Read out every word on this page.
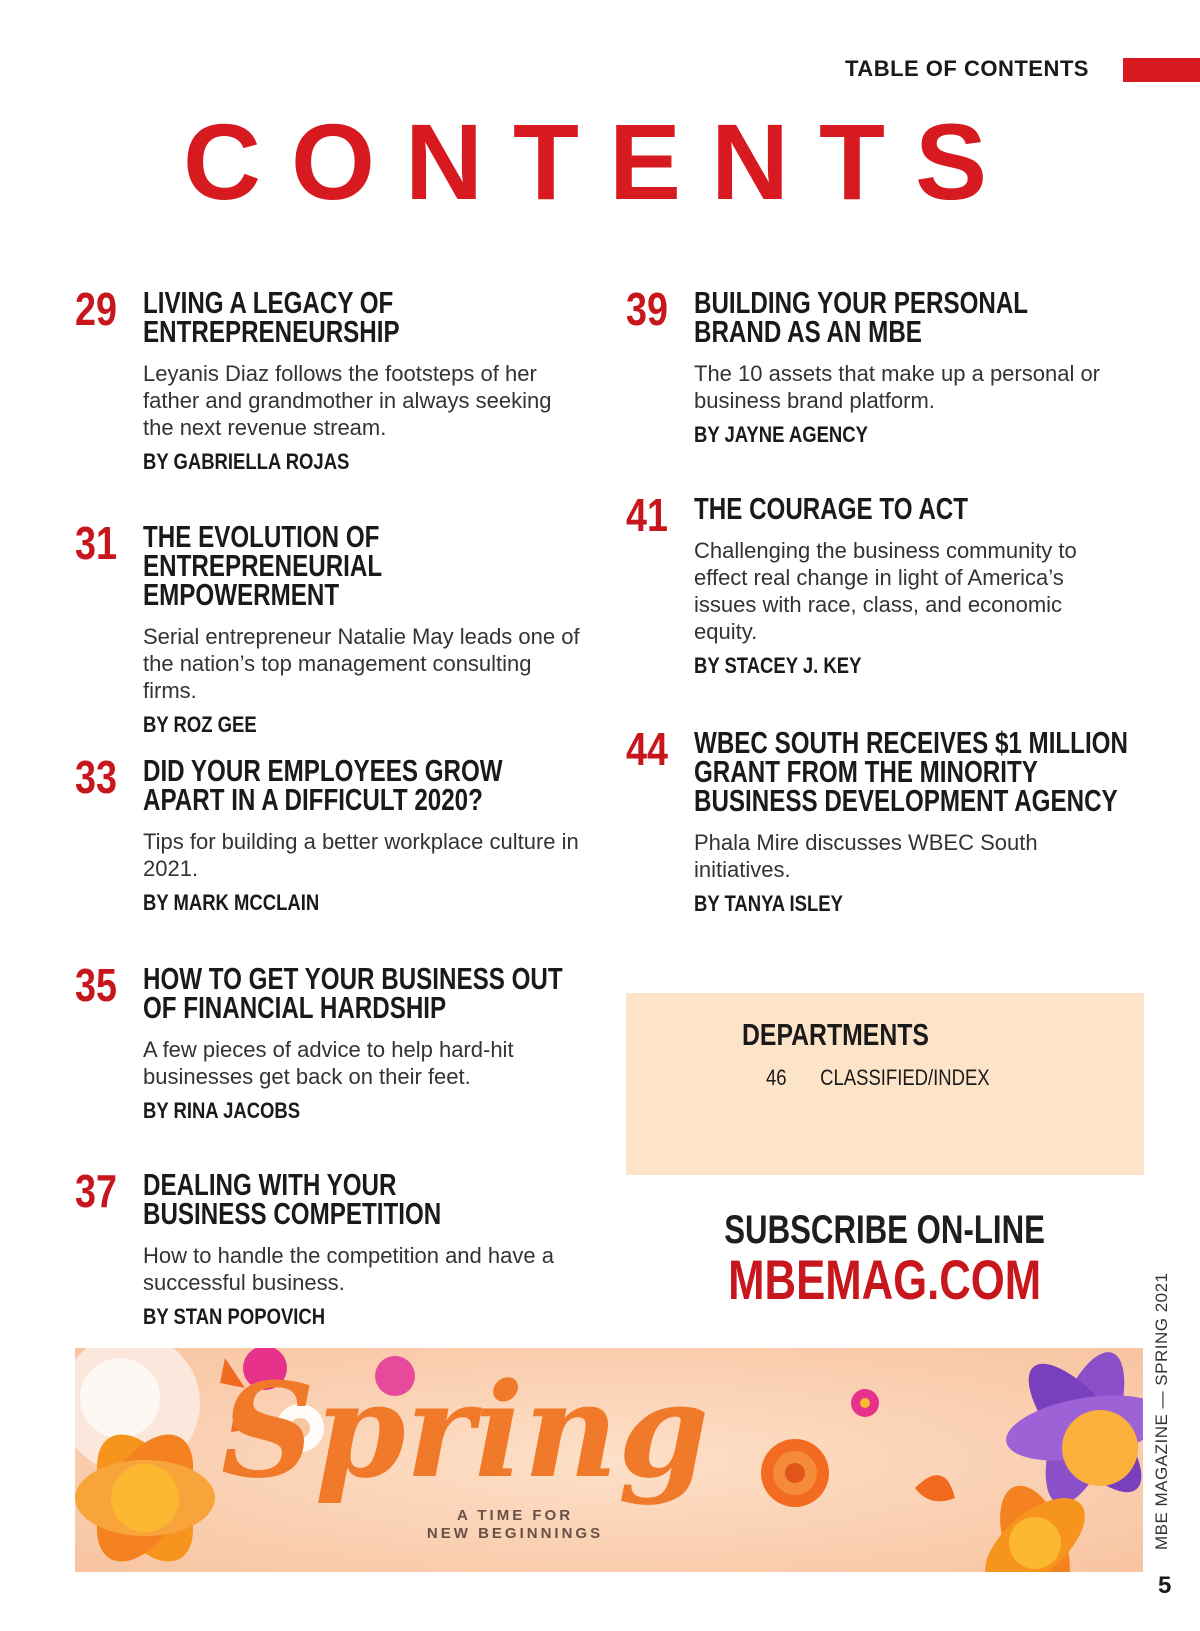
TABLE OF CONTENTS
CONTENTS
29 LIVING A LEGACY OF
ENTREPRENEURSHIP
Leyanis Diaz follows the footsteps of her father and grandmother in always seeking the next revenue stream.
BY GABRIELLA ROJAS
31 THE EVOLUTION OF
ENTREPRENEURIAL EMPOWERMENT
Serial entrepreneur Natalie May leads one of the nation’s top management consulting firms.
BY ROZ GEE
33 DID YOUR EMPLOYEES GROW
APART IN A DIFFICULT 2020?
Tips for building a better workplace culture in 2021.
BY MARK MCCLAIN
35 HOW TO GET YOUR BUSINESS OUT
OF FINANCIAL HARDSHIP
A few pieces of advice to help hard-hit businesses get back on their feet.
BY RINA JACOBS
37 DEALING WITH YOUR
BUSINESS COMPETITION
How to handle the competition and have a successful business.
BY STAN POPOVICH
39 BUILDING YOUR PERSONAL
BRAND AS AN MBE
The 10 assets that make up a personal or business brand platform.
BY JAYNE AGENCY
41 THE COURAGE TO ACT
Challenging the business community to effect real change in light of America’s issues with race, class, and economic equity.
BY STACEY J. KEY
44 WBEC SOUTH RECEIVES $1 MILLION
GRANT FROM THE MINORITY
BUSINESS DEVELOPMENT AGENCY
Phala Mire discusses WBEC South initiatives.
BY TANYA ISLEY
DEPARTMENTS
46 CLASSIFIED/INDEX
SUBSCRIBE ON-LINE
MBEMAG.COM
Spring
A TIME FOR
NEW BEGINNINGS	MBE MAGAZINE — SPRING 2021
5
